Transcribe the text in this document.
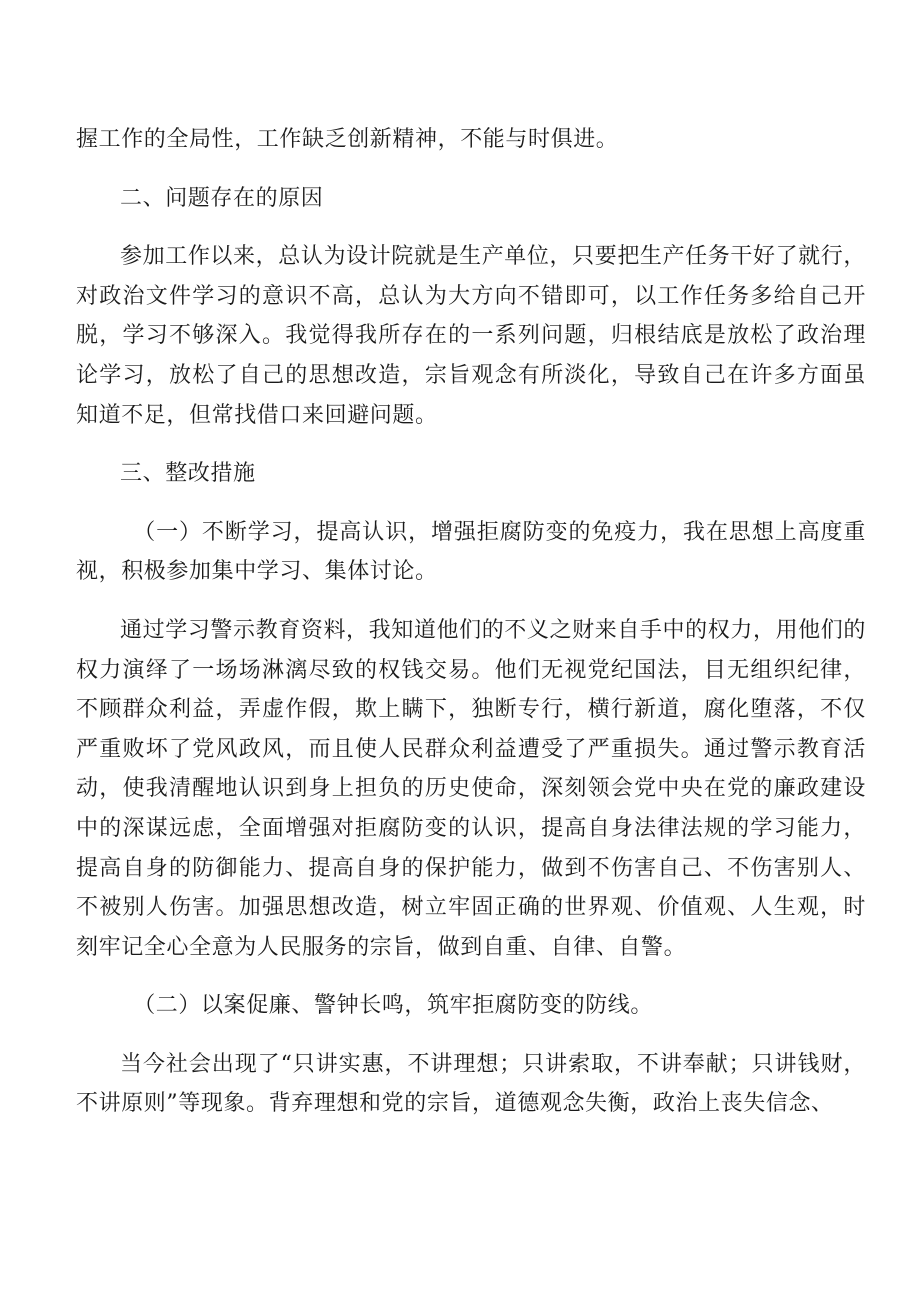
握工作的全局性，工作缺乏创新精神，不能与时俱进。

二、问题存在的原因

参加工作以来，总认为设计院就是生产单位，只要把生产任务干好了就行，对政治文件学习的意识不高，总认为大方向不错即可，以工作任务多给自己开脱，学习不够深入。我觉得我所存在的一系列问题，归根结底是放松了政治理论学习，放松了自己的思想改造，宗旨观念有所淡化，导致自己在许多方面虽知道不足，但常找借口来回避问题。

三、整改措施

（一）不断学习，提高认识，增强拒腐防变的免疫力，我在思想上高度重视，积极参加集中学习、集体讨论。

通过学习警示教育资料，我知道他们的不义之财来自手中的权力，用他们的权力演绎了一场场淋漓尽致的权钱交易。他们无视党纪国法，目无组织纪律，不顾群众利益，弄虚作假，欺上瞒下，独断专行，横行新道，腐化堕落，不仅严重败坏了党风政风，而且使人民群众利益遭受了严重损失。通过警示教育活动，使我清醒地认识到身上担负的历史使命，深刻领会党中央在党的廉政建设中的深谋远虑，全面增强对拒腐防变的认识，提高自身法律法规的学习能力，提高自身的防御能力、提高自身的保护能力，做到不伤害自己、不伤害别人、不被别人伤害。加强思想改造，树立牢固正确的世界观、价值观、人生观，时刻牢记全心全意为人民服务的宗旨，做到自重、自律、自警。

（二）以案促廉、警钟长鸣，筑牢拒腐防变的防线。

当今社会出现了“只讲实惠，不讲理想；只讲索取，不讲奉献；只讲钱财，不讲原则”等现象。背弃理想和党的宗旨，道德观念失衡，政治上丧失信念、
